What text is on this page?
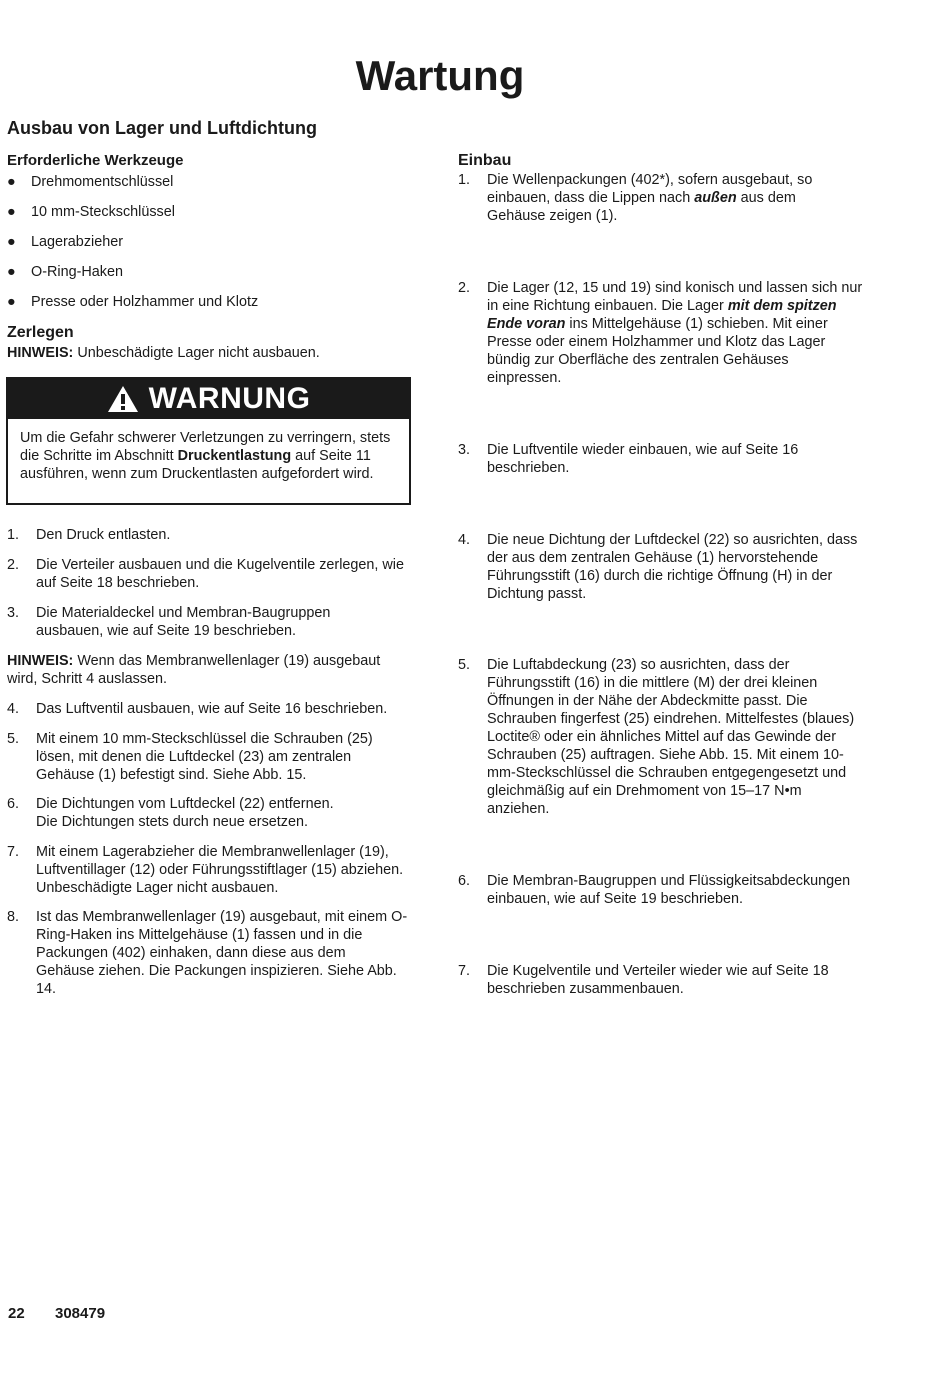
Wartung
Ausbau von Lager und Luftdichtung
Erforderliche Werkzeuge
● Drehmomentschlüssel
● 10 mm-Steckschlüssel
● Lagerabzieher
● O-Ring-Haken
● Presse oder Holzhammer und Klotz
Zerlegen
HINWEIS: Unbeschädigte Lager nicht ausbauen.
WARNUNG
Um die Gefahr schwerer Verletzungen zu verringern, stets die Schritte im Abschnitt Druckentlastung auf Seite 11 ausführen, wenn zum Druckentlasten aufgefordert wird.
1. Den Druck entlasten.
2. Die Verteiler ausbauen und die Kugelventile zerlegen, wie auf Seite 18 beschrieben.
3. Die Materialdeckel und Membran-Baugruppen ausbauen, wie auf Seite 19 beschrieben.
HINWEIS: Wenn das Membranwellenlager (19) ausgebaut wird, Schritt 4 auslassen.
4. Das Luftventil ausbauen, wie auf Seite 16 beschrieben.
5. Mit einem 10 mm-Steckschlüssel die Schrauben (25) lösen, mit denen die Luftdeckel (23) am zentralen Gehäuse (1) befestigt sind. Siehe Abb. 15.
6. Die Dichtungen vom Luftdeckel (22) entfernen. Die Dichtungen stets durch neue ersetzen.
7. Mit einem Lagerabzieher die Membranwellenlager (19), Luftventillager (12) oder Führungsstiftlager (15) abziehen. Unbeschädigte Lager nicht ausbauen.
8. Ist das Membranwellenlager (19) ausgebaut, mit einem O-Ring-Haken ins Mittelgehäuse (1) fassen und in die Packungen (402) einhaken, dann diese aus dem Gehäuse ziehen. Die Packungen inspizieren. Siehe Abb. 14.
Einbau
1. Die Wellenpackungen (402*), sofern ausgebaut, so einbauen, dass die Lippen nach außen aus dem Gehäuse zeigen (1).
2. Die Lager (12, 15 und 19) sind konisch und lassen sich nur in eine Richtung einbauen. Die Lager mit dem spitzen Ende voran ins Mittelgehäuse (1) schieben. Mit einer Presse oder einem Holzhammer und Klotz das Lager bündig zur Oberfläche des zentralen Gehäuses einpressen.
3. Die Luftventile wieder einbauen, wie auf Seite 16 beschrieben.
4. Die neue Dichtung der Luftdeckel (22) so ausrichten, dass der aus dem zentralen Gehäuse (1) hervorstehende Führungsstift (16) durch die richtige Öffnung (H) in der Dichtung passt.
5. Die Luftabdeckung (23) so ausrichten, dass der Führungsstift (16) in die mittlere (M) der drei kleinen Öffnungen in der Nähe der Abdeckmitte passt. Die Schrauben fingerfest (25) eindrehen. Mittelfestes (blaues) Loctite® oder ein ähnliches Mittel auf das Gewinde der Schrauben (25) auftragen. Siehe Abb. 15. Mit einem 10-mm-Steckschlüssel die Schrauben entgegengesetzt und gleichmäßig auf ein Drehmoment von 15–17 N•m anziehen.
6. Die Membran-Baugruppen und Flüssigkeitsabdeckungen einbauen, wie auf Seite 19 beschrieben.
7. Die Kugelventile und Verteiler wieder wie auf Seite 18 beschrieben zusammenbauen.
22 308479
